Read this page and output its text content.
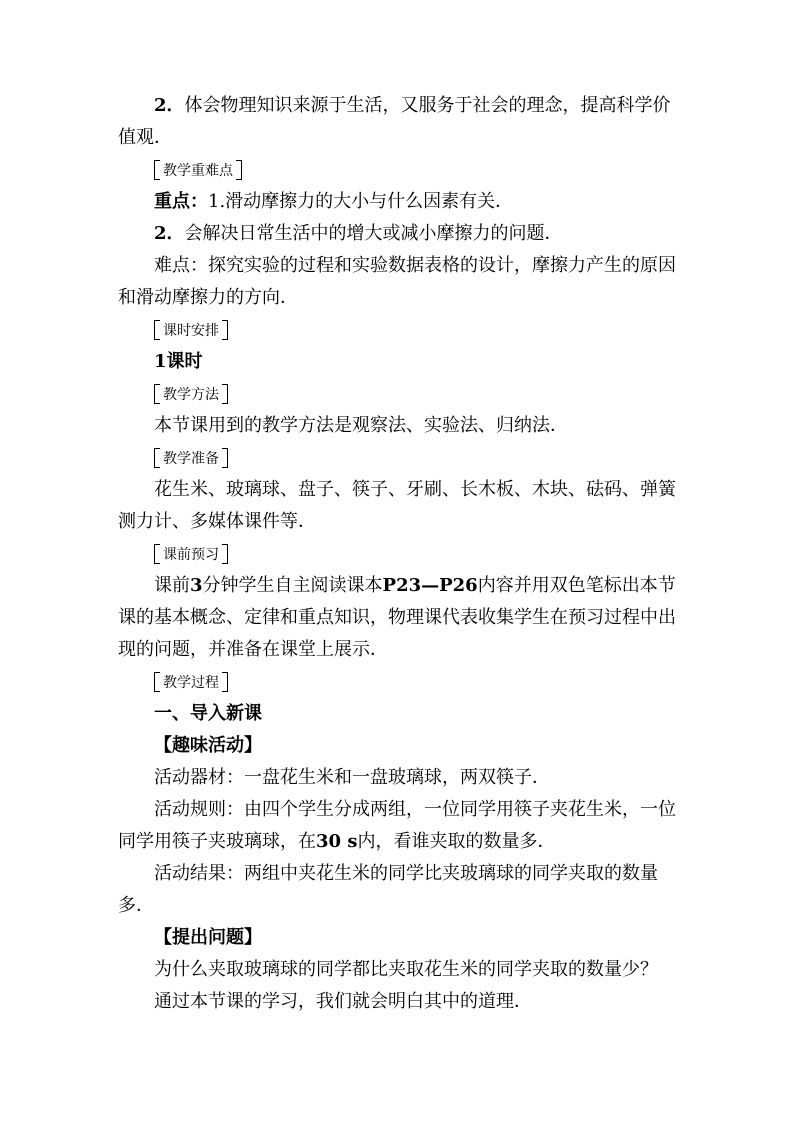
2．体会物理知识来源于生活，又服务于社会的理念，提高科学价值观．

教学重难点

重点：1.滑动摩擦力的大小与什么因素有关．

2．会解决日常生活中的增大或减小摩擦力的问题．

难点：探究实验的过程和实验数据表格的设计，摩擦力产生的原因和滑动摩擦力的方向．

课时安排

1课时

教学方法

本节课用到的教学方法是观察法、实验法、归纳法．

教学准备

花生米、玻璃球、盘子、筷子、牙刷、长木板、木块、砝码、弹簧测力计、多媒体课件等．

课前预习

课前3分钟学生自主阅读课本P23—P26内容并用双色笔标出本节课的基本概念、定律和重点知识，物理课代表收集学生在预习过程中出现的问题，并准备在课堂上展示．

教学过程

一、导入新课

【趣味活动】

活动器材：一盘花生米和一盘玻璃球，两双筷子．

活动规则：由四个学生分成两组，一位同学用筷子夹花生米，一位同学用筷子夹玻璃球，在30 s内，看谁夹取的数量多．

活动结果：两组中夹花生米的同学比夹玻璃球的同学夹取的数量多．

【提出问题】

为什么夹取玻璃球的同学都比夹取花生米的同学夹取的数量少？

通过本节课的学习，我们就会明白其中的道理．
